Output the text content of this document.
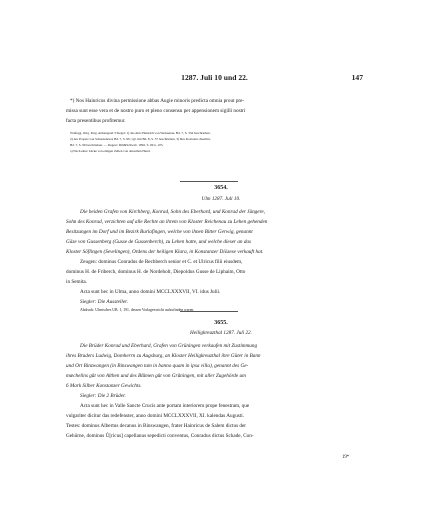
1287. Juli 10 und 22.	147
*) Nos Hainricus divina permissione abbas Augie minoris predicta omnia prout pre-
missa sunt esse vera et de nostro puro et pleno consensu per appensionem sigilli nostri
facta presentibus profitemur.
Wolfegg. Orig. Perg. Anhangend 3 Siegel: 1) des Abts Heinrich von Weissenau, Bd. 7, S. 334 beschrieben.
2) des Propsts von Schussenried, Bd. 7, S. 99, vgl. mit Bd. 8, S. 57 beschrieben. 3) Des Konvents daselbst,
Bd. 7, S. 99 beschrieben. — Regest: Dilt&Schwab. 1892, S. 69 n. 105.
a) Nach einer Lücke von einigen Zeilen von derselben Hand.
3654.
Ulm 1287. Juli 10.
Die beiden Grafen von Kirchberg, Konrad, Sohn des Eberhard, und Konrad der Jüngere,
Sohn des Konrad, verzichten auf alle Rechte an ihrem von Kloster Reichenau zu Lehen gehenden
Besitzungen im Dorf und im Bezirk Burlafingen, welche von ihnen Bitter Gerwig, genannt
Gäze von Gussenberg (Gusse de Gussenberch), zu Lehen hatte, und welche dieser an das
Kloster Söflingen (Sevelingen), Ordens der heiligen Klara, in Konstanzer Diözese verkauft hat.
Zeugen: dominus Conradus de Rechberch senior et C. et Ulricus filii eiusdem,
dominus H. de Friberch, dominus H. de Nordeholt, Diepoldus Gusse de Liphaim, Otto
in Semita.
Acta sunt hec in Ulma, anno domini MCCLXXXVII, VI. idus Julii.
Siegler: Die Aussteller.
Abdruck: Ulmisches UB. 1, 191, dessen Vorlagen nicht aufzufinden waren.
3655.
Heiligkreuzthal 1287. Juli 22.
Die Brüder Konrad und Eberhard, Grafen von Grüningen verkaufen mit Zustimmung
ihres Bruders Ludwig, Domherrn zu Augsburg, an Kloster Heiligkreuzthal ihre Güter in Bann
und Ort Binzwangen (in Binswangen tam in banno quam in ipsa villa), genannt des Ge-
mæchelins gůt von Althen und des Blůmen gůt von Grůningen, mit aller Zugehörde um
6 Mark Silber Konstanzer Gewichts.
Siegler: Die 2 Brüder.
Acta sunt hec in Valle Sancte Crucis ante portam interiorem prope fenestram, que
vulgariter dicitur das redefenster, anno domini MCCLXXXVII, XI. kalendas Augusti.
Testes: dominus Albertus decanus in Binswangen, frater Hainricus de Salem dictus der
Gehürne, dominus Ů[ricus] capellanus sepedicti conventus, Conradus dictus Schade, Con-
19*
